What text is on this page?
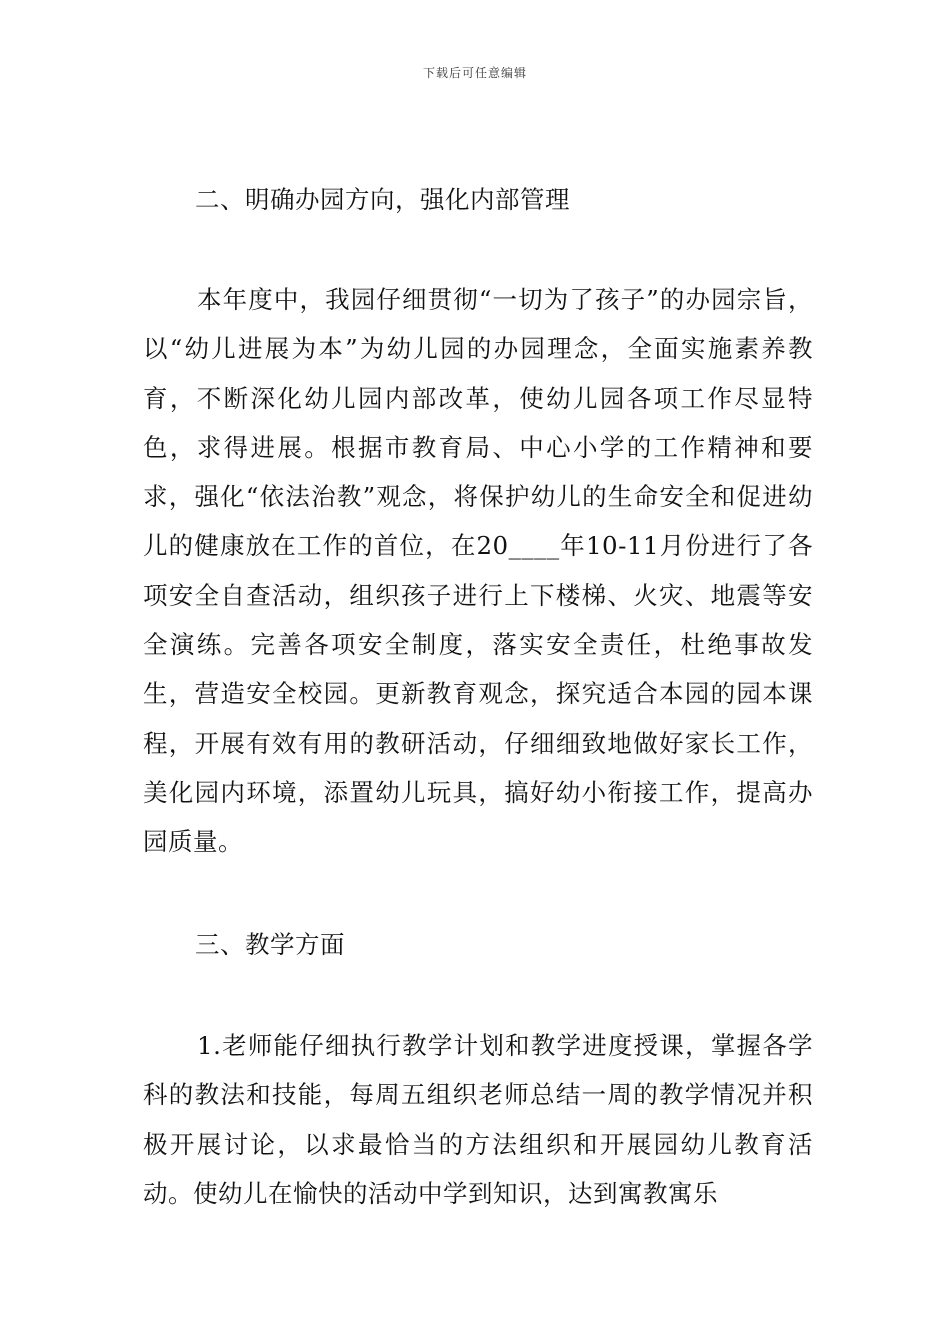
下载后可任意编辑
二、明确办园方向，强化内部管理

本年度中，我园仔细贯彻“一切为了孩子”的办园宗旨，以“幼儿进展为本”为幼儿园的办园理念，全面实施素养教育，不断深化幼儿园内部改革，使幼儿园各项工作尽显特色，求得进展。根据市教育局、中心小学的工作精神和要求，强化“依法治教”观念，将保护幼儿的生命安全和促进幼儿的健康放在工作的首位，在20____年10-11月份进行了各项安全自查活动，组织孩子进行上下楼梯、火灾、地震等安全演练。完善各项安全制度，落实安全责任，杜绝事故发生，营造安全校园。更新教育观念，探究适合本园的园本课程，开展有效有用的教研活动，仔细细致地做好家长工作，美化园内环境，添置幼儿玩具，搞好幼小衔接工作，提高办园质量。

三、教学方面

1.老师能仔细执行教学计划和教学进度授课，掌握各学科的教法和技能，每周五组织老师总结一周的教学情况并积极开展讨论，以求最恰当的方法组织和开展园幼儿教育活动。使幼儿在愉快的活动中学到知识，达到寓教寓乐
